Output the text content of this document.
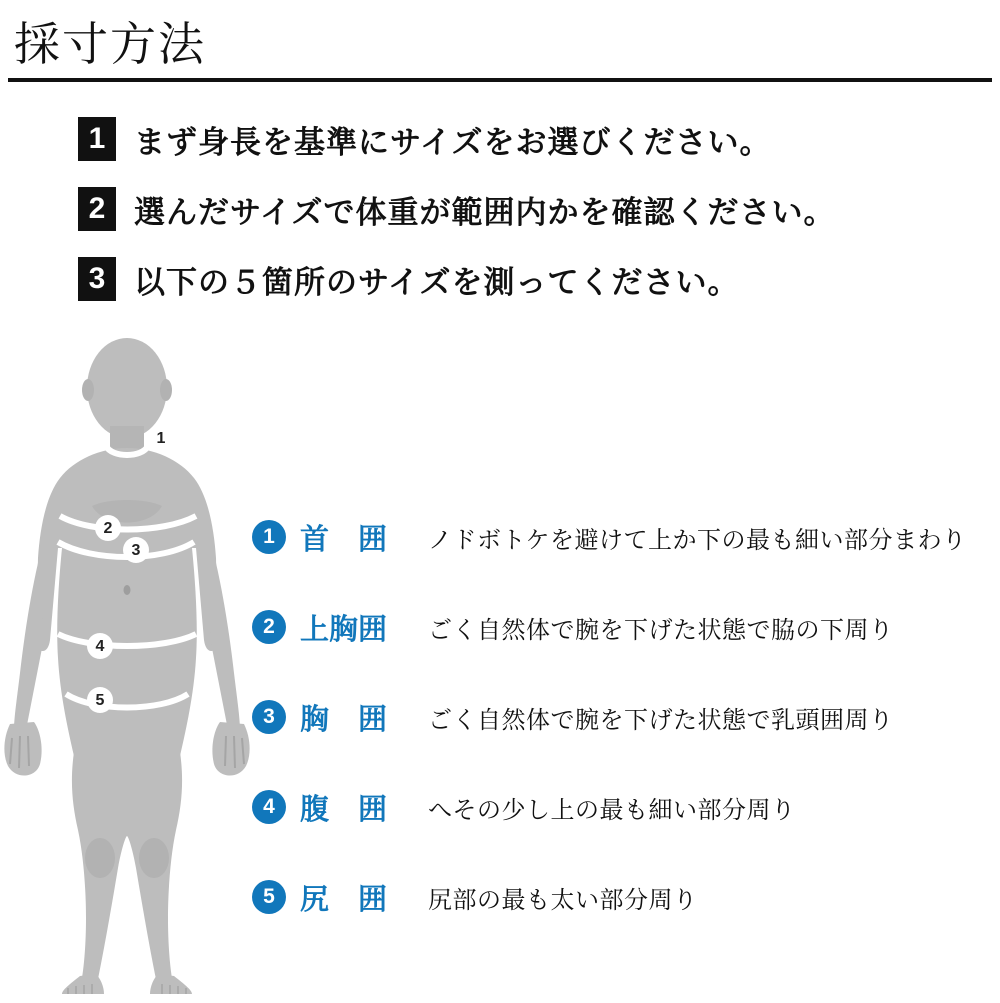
採寸方法
1 まず身長を基準にサイズをお選びください。
2 選んだサイズで体重が範囲内かを確認ください。
3 以下の５箇所のサイズを測ってください。
1
2
3
4
5
1 首　囲	ノドボトケを避けて上か下の最も細い部分まわり
2 上胸囲	ごく自然体で腕を下げた状態で脇の下周り
3 胸　囲	ごく自然体で腕を下げた状態で乳頭囲周り
4 腹　囲	へその少し上の最も細い部分周り
5 尻　囲	尻部の最も太い部分周り
